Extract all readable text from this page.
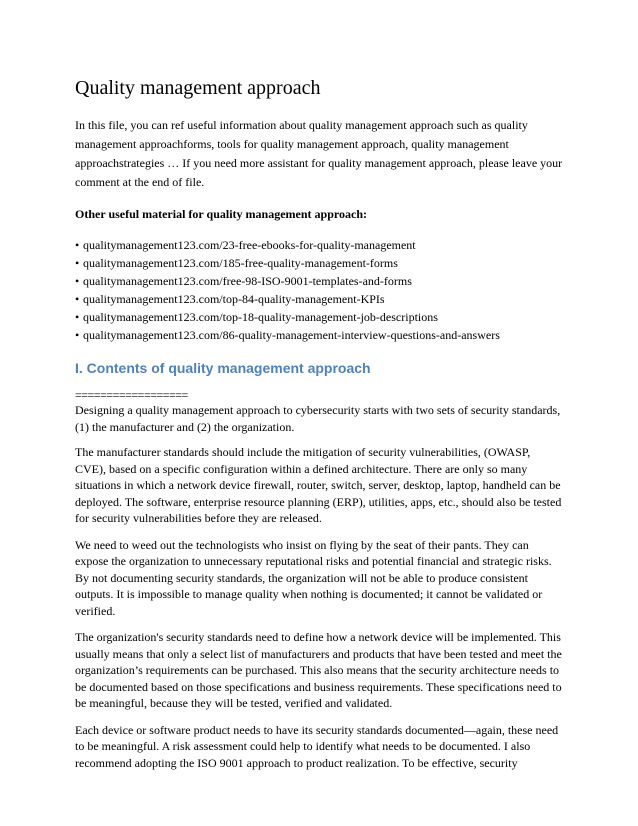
Quality management approach

In this file, you can ref useful information about quality management approach such as quality management approachforms, tools for quality management approach, quality management approachstrategies … If you need more assistant for quality management approach, please leave your comment at the end of file.

Other useful material for quality management approach:

• qualitymanagement123.com/23-free-ebooks-for-quality-management
• qualitymanagement123.com/185-free-quality-management-forms
• qualitymanagement123.com/free-98-ISO-9001-templates-and-forms
• qualitymanagement123.com/top-84-quality-management-KPIs
• qualitymanagement123.com/top-18-quality-management-job-descriptions
• qualitymanagement123.com/86-quality-management-interview-questions-and-answers
I. Contents of quality management approach
==================

Designing a quality management approach to cybersecurity starts with two sets of security standards, (1) the manufacturer and (2) the organization.

The manufacturer standards should include the mitigation of security vulnerabilities, (OWASP, CVE), based on a specific configuration within a defined architecture. There are only so many situations in which a network device firewall, router, switch, server, desktop, laptop, handheld can be deployed. The software, enterprise resource planning (ERP), utilities, apps, etc., should also be tested for security vulnerabilities before they are released.

We need to weed out the technologists who insist on flying by the seat of their pants. They can expose the organization to unnecessary reputational risks and potential financial and strategic risks. By not documenting security standards, the organization will not be able to produce consistent outputs. It is impossible to manage quality when nothing is documented; it cannot be validated or verified.

The organization's security standards need to define how a network device will be implemented. This usually means that only a select list of manufacturers and products that have been tested and meet the organization’s requirements can be purchased. This also means that the security architecture needs to be documented based on those specifications and business requirements. These specifications need to be meaningful, because they will be tested, verified and validated.

Each device or software product needs to have its security standards documented—again, these need to be meaningful. A risk assessment could help to identify what needs to be documented. I also recommend adopting the ISO 9001 approach to product realization. To be effective, security
